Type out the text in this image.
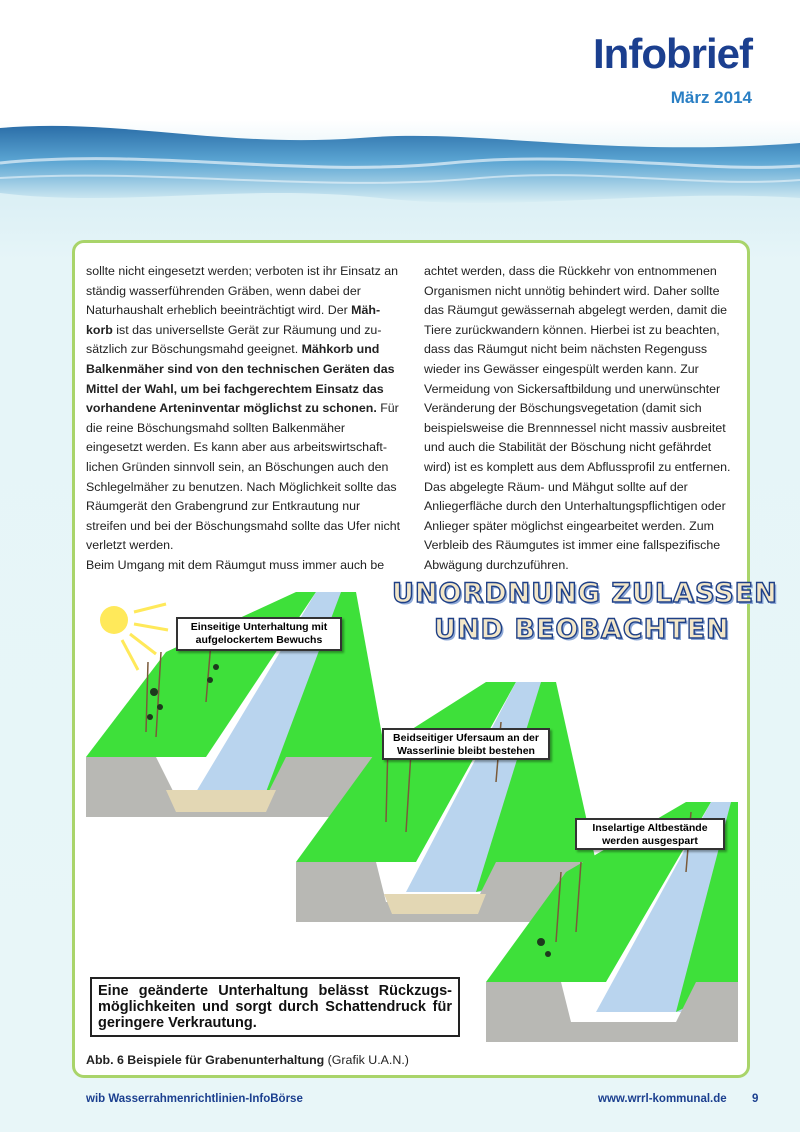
Infobrief
März 2014

sollte nicht eingesetzt werden; verboten ist ihr Einsatz an ständig wasserführenden Gräben, wenn dabei der Naturhaushalt erheblich beeinträchtigt wird. Der Mähkorb ist das universellste Gerät zur Räumung und zusätzlich zur Böschungsmahd geeignet. Mähkorb und Balkenmäher sind von den technischen Geräten das Mittel der Wahl, um bei fachgerechtem Einsatz das vorhandene Arteninventar möglichst zu schonen. Für die reine Böschungsmahd sollten Balkenmäher eingesetzt werden. Es kann aber aus arbeitswirtschaftlichen Gründen sinnvoll sein, an Böschungen auch den Schlegelmäher zu benutzen. Nach Möglichkeit sollte das Räumgerät den Grabengrund zur Entkrautung nur streifen und bei der Böschungsmahd sollte das Ufer nicht verletzt werden.
Beim Umgang mit dem Räumgut muss immer auch be

achtet werden, dass die Rückkehr von entnommenen Organismen nicht unnötig behindert wird. Daher sollte das Räumgut gewässernah abgelegt werden, damit die Tiere zurückwandern können. Hierbei ist zu beachten, dass das Räumgut nicht beim nächsten Regenguss wieder ins Gewässer eingespült werden kann. Zur Vermeidung von Sickersaftbildung und unerwünschter Veränderung der Böschungsvegetation (damit sich beispielsweise die Brennnessel nicht massiv ausbreitet und auch die Stabilität der Böschung nicht gefährdet wird) ist es komplett aus dem Abflussprofil zu entfernen. Das abgelegte Räum- und Mähgut sollte auf der Anliegerfläche durch den Unterhaltungspflichtigen oder Anlieger später möglichst eingearbeitet werden. Zum Verbleib des Räumgutes ist immer eine fallspezifische Abwägung durchzuführen.

UNORDNUNG ZULASSEN
UND BEOBACHTEN
Einseitige Unterhaltung mit aufgelockertem Bewuchs
Beidseitiger Ufersaum an der Wasserlinie bleibt bestehen
Inselartige Altbestände werden ausgespart
Eine geänderte Unterhaltung belässt Rückzugsmöglichkeiten und sorgt durch Schattendruck für geringere Verkrautung.
Abb. 6 Beispiele für Grabenunterhaltung (Grafik U.A.N.)
wib Wasserrahmenrichtlinien-InfoBörse	www.wrrl-kommunal.de 9
